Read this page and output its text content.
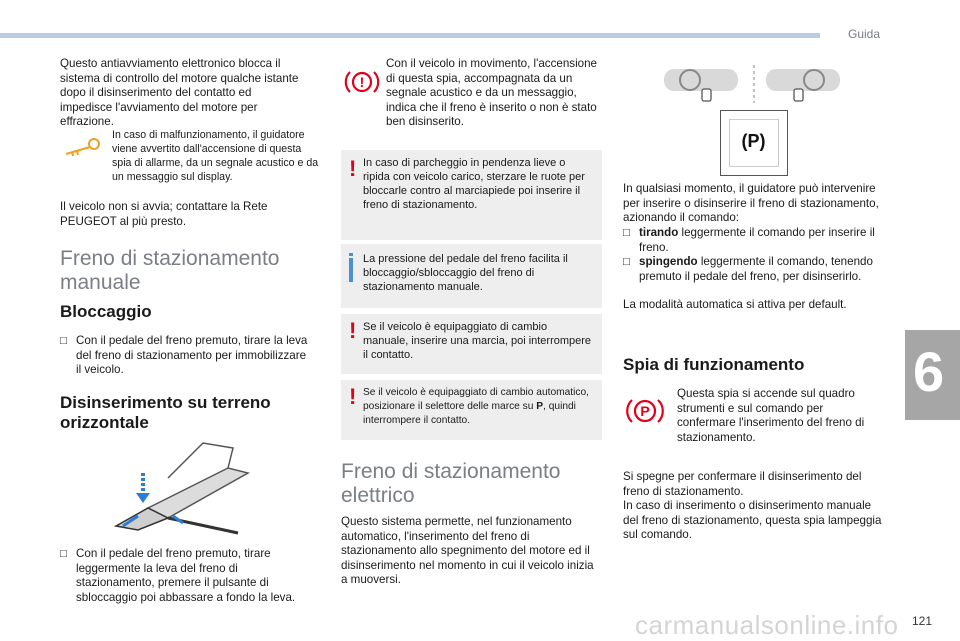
Guida
Questo antiavviamento elettronico blocca il sistema di controllo del motore qualche istante dopo il disinserimento del contatto ed impedisce l'avviamento del motore per effrazione.
In caso di malfunzionamento, il guidatore viene avvertito dall'accensione di questa spia di allarme, da un segnale acustico e da un messaggio sul display.
Il veicolo non si avvia; contattare la Rete PEUGEOT al più presto.
Freno di stazionamento manuale
Bloccaggio
□ Con il pedale del freno premuto, tirare la leva del freno di stazionamento per immobilizzare il veicolo.
Disinserimento su terreno orizzontale
□ Con il pedale del freno premuto, tirare leggermente la leva del freno di stazionamento, premere il pulsante di sbloccaggio poi abbassare a fondo la leva.
!
Con il veicolo in movimento, l'accensione di questa spia, accompagnata da un segnale acustico e da un messaggio, indica che il freno è inserito o non è stato ben disinserito.
! In caso di parcheggio in pendenza lieve o ripida con veicolo carico, sterzare le ruote per bloccarle contro al marciapiede poi inserire il freno di stazionamento.
La pressione del pedale del freno facilita il bloccaggio/sbloccaggio del freno di stazionamento manuale.
! Se il veicolo è equipaggiato di cambio manuale, inserire una marcia, poi interrompere il contatto.
! Se il veicolo è equipaggiato di cambio automatico, posizionare il selettore delle marce su P, quindi interrompere il contatto.
Freno di stazionamento elettrico
Questo sistema permette, nel funzionamento automatico, l'inserimento del freno di stazionamento allo spegnimento del motore ed il disinserimento nel momento in cui il veicolo inizia a muoversi.
(P)
In qualsiasi momento, il guidatore può intervenire per inserire o disinserire il freno di stazionamento, azionando il comando:
□ tirando leggermente il comando per inserire il freno.
□ spingendo leggermente il comando, tenendo premuto il pedale del freno, per disinserirlo.
La modalità automatica si attiva per default.
Spia di funzionamento
P
Questa spia si accende sul quadro strumenti e sul comando per confermare l'inserimento del freno di stazionamento.
Si spegne per confermare il disinserimento del freno di stazionamento.
In caso di inserimento o disinserimento manuale del freno di stazionamento, questa spia lampeggia sul comando.
6
carmanualsonline.info 121
